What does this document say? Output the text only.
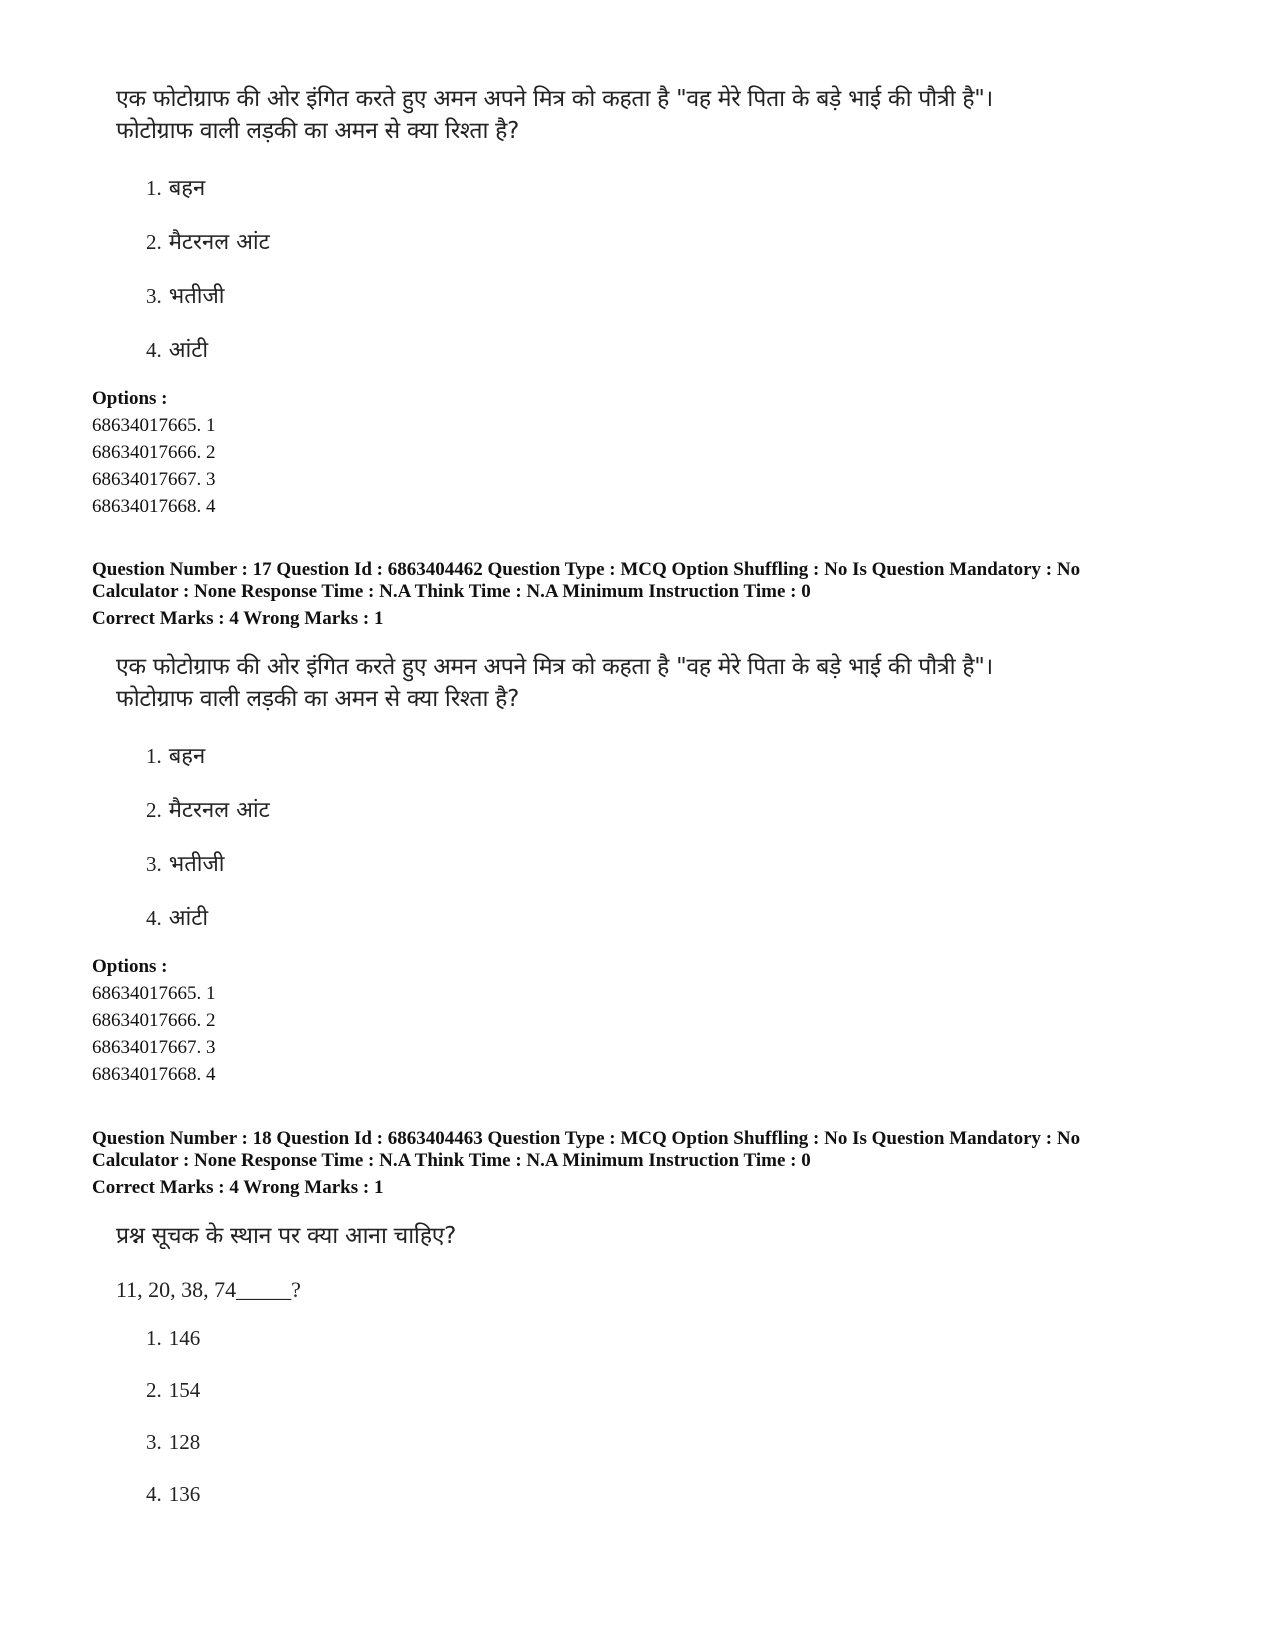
एक फोटोग्राफ की ओर इंगित करते हुए अमन अपने मित्र को कहता है "वह मेरे पिता के बड़े भाई की पौत्री है"।
फोटोग्राफ वाली लड़की का अमन से क्या रिश्ता है?
1. बहन
2. मैटरनल आंट
3. भतीजी
4. आंटी
Options :
68634017665. 1
68634017666. 2
68634017667. 3
68634017668. 4
Question Number : 17 Question Id : 6863404462 Question Type : MCQ Option Shuffling : No Is Question Mandatory : No
Calculator : None Response Time : N.A Think Time : N.A Minimum Instruction Time : 0
Correct Marks : 4 Wrong Marks : 1
एक फोटोग्राफ की ओर इंगित करते हुए अमन अपने मित्र को कहता है "वह मेरे पिता के बड़े भाई की पौत्री है"।
फोटोग्राफ वाली लड़की का अमन से क्या रिश्ता है?
1. बहन
2. मैटरनल आंट
3. भतीजी
4. आंटी
Options :
68634017665. 1
68634017666. 2
68634017667. 3
68634017668. 4
Question Number : 18 Question Id : 6863404463 Question Type : MCQ Option Shuffling : No Is Question Mandatory : No
Calculator : None Response Time : N.A Think Time : N.A Minimum Instruction Time : 0
Correct Marks : 4 Wrong Marks : 1
प्रश्न सूचक के स्थान पर क्या आना चाहिए?
11, 20, 38, 74_____?
1. 146
2. 154
3. 128
4. 136
